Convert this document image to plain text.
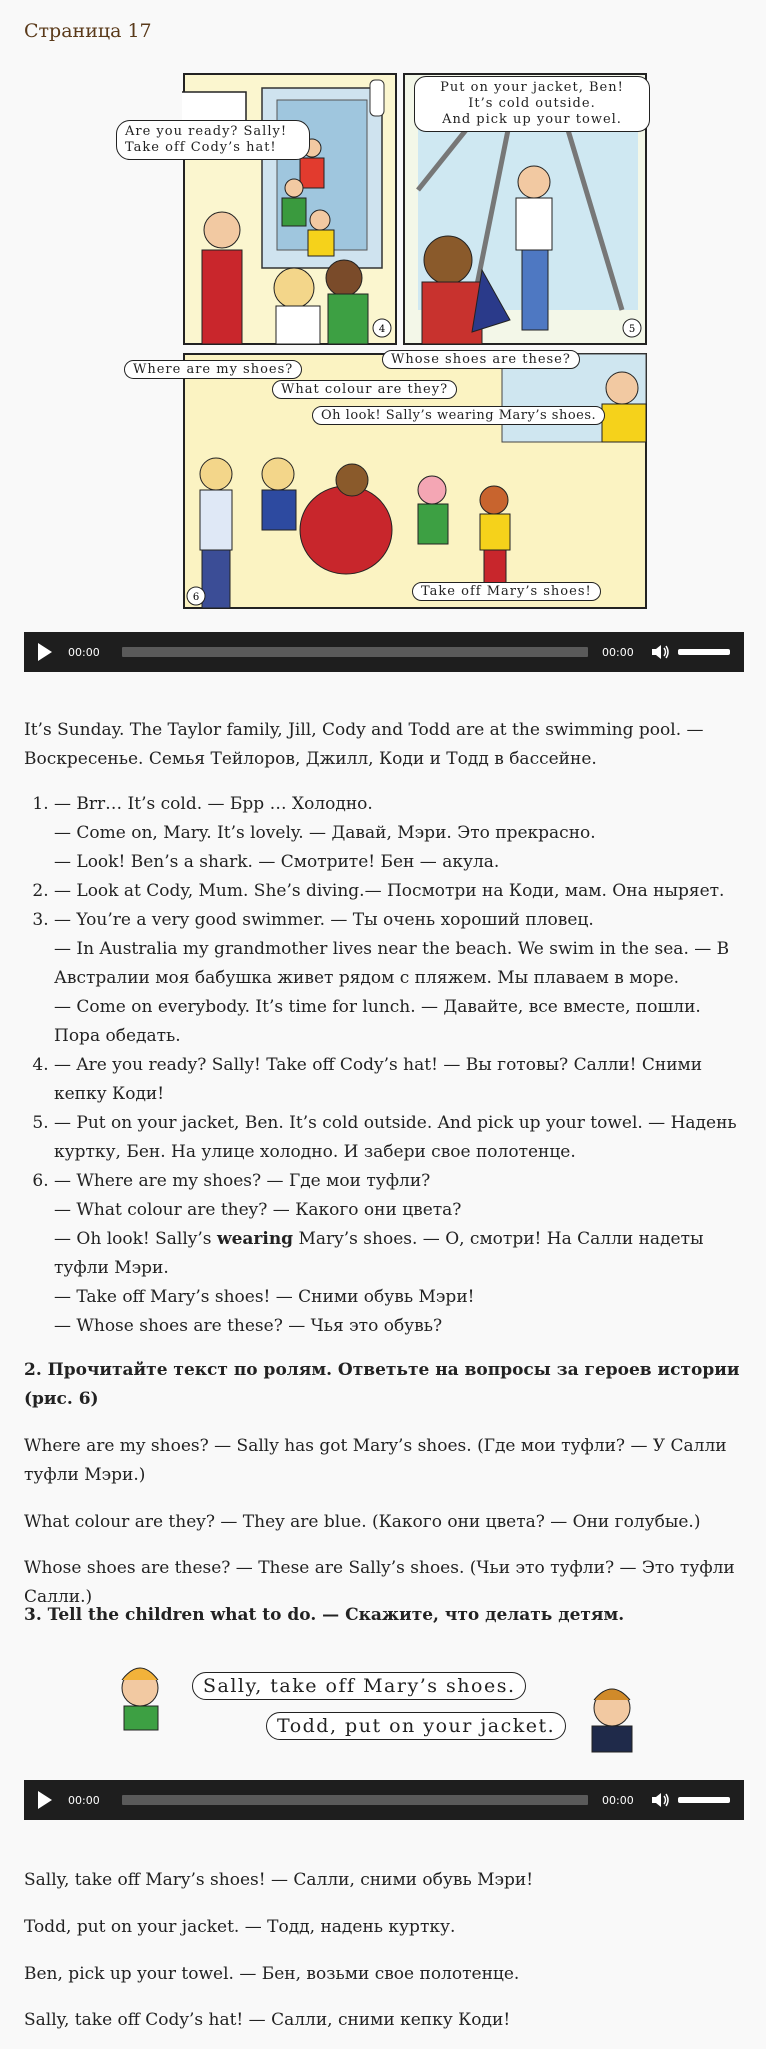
Страница 17
4	5
6
Are you ready? Sally!
Take off Cody’s hat!
Put on your jacket, Ben!
It’s cold outside.
And pick up your towel.
Where are my shoes?
Whose shoes are these?
What colour are they?
Oh look! Sally’s wearing Mary’s shoes.
Take off Mary’s shoes!
00:00	00:00
It’s Sunday. The Taylor family, Jill, Cody and Todd are at the swimming pool. — Воскресенье. Семья Тейлоров, Джилл, Коди и Тодд в бассейне.
1. — Brr… It’s cold. — Брр … Холодно.
— Come on, Mary. It’s lovely. — Давай, Мэри. Это прекрасно.
— Look! Ben’s a shark. — Смотрите! Бен — акула.
2. — Look at Cody, Mum. She’s diving.— Посмотри на Коди, мам. Она ныряет.
3. — You’re a very good swimmer. — Ты очень хороший пловец.
— In Australia my grandmother lives near the beach. We swim in the sea. — В Австралии моя бабушка живет рядом с пляжем. Мы плаваем в море.
— Come on everybody. It’s time for lunch. — Давайте, все вместе, пошли. Пора обедать.
4. — Are you ready? Sally! Take off Cody’s hat! — Вы готовы? Салли! Сними кепку Коди!
5. — Put on your jacket, Ben. It’s cold outside. And pick up your towel. — Надень куртку, Бен. На улице холодно. И забери свое полотенце.
6. — Where are my shoes? — Где мои туфли?
— What colour are they? — Какого они цвета?
— Oh look! Sally’s wearing Mary’s shoes. — О, смотри! На Салли надеты туфли Мэри.
— Take off Mary’s shoes! — Сними обувь Мэри!
— Whose shoes are these? — Чья это обувь?
2. Прочитайте текст по ролям. Ответьте на вопросы за героев истории (рис. 6)
Where are my shoes? — Sally has got Mary’s shoes. (Где мои туфли? — У Салли туфли Мэри.)
What colour are they? — They are blue. (Какого они цвета? — Они голубые.)
Whose shoes are these? — These are Sally’s shoes. (Чьи это туфли? — Это туфли Салли.)
3. Tell the children what to do. — Скажите, что делать детям.
Sally, take off Mary’s shoes.
Todd, put on your jacket.
00:00	00:00
Sally, take off Mary’s shoes! — Салли, сними обувь Мэри!
Todd, put on your jacket. — Тодд, надень куртку.
Ben, pick up your towel. — Бен, возьми свое полотенце.
Sally, take off Cody’s hat! — Салли, сними кепку Коди!
